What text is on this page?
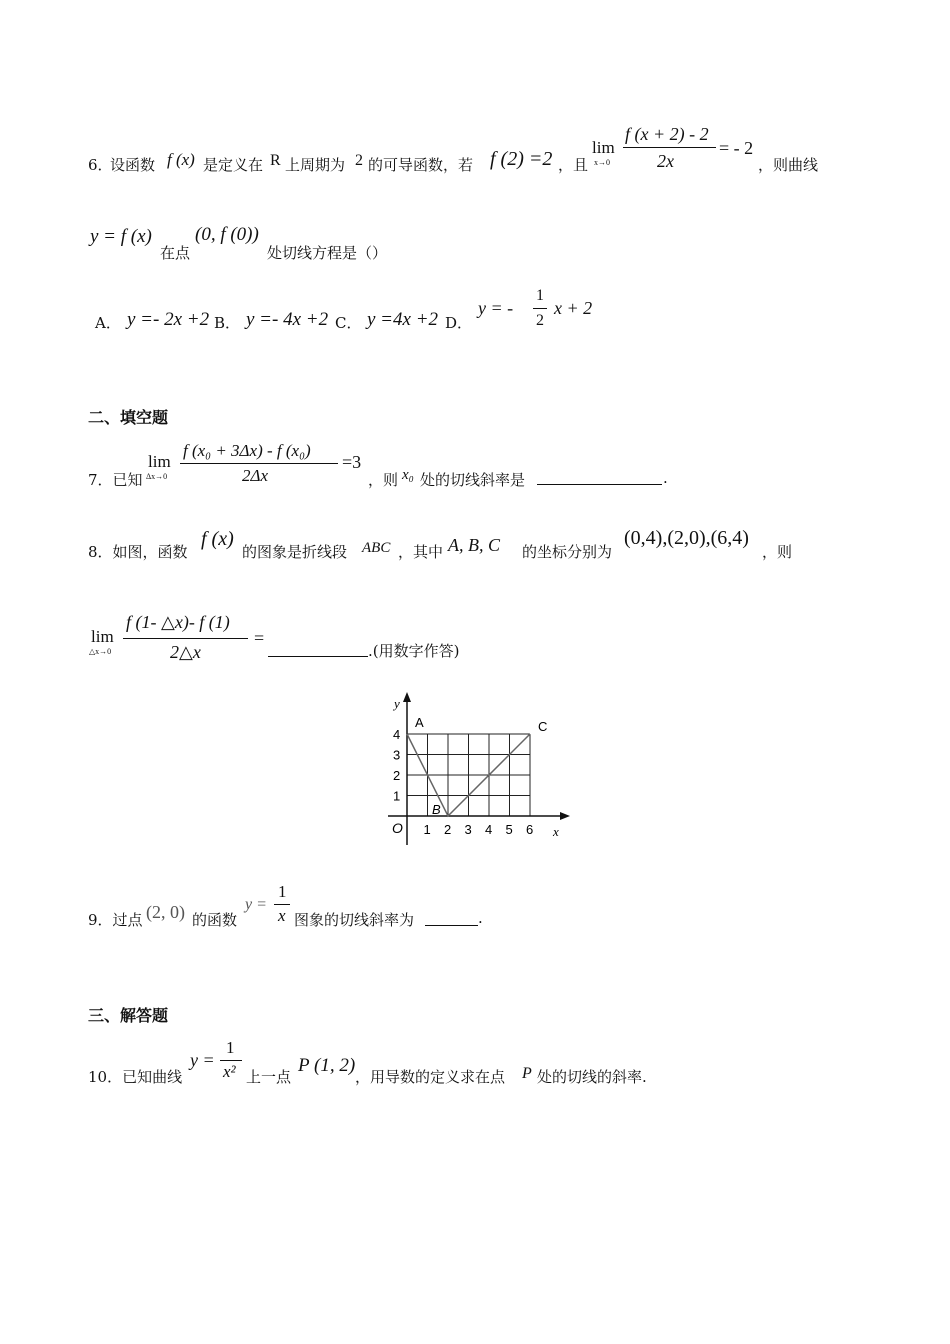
6．
设函数 f (x) 是定义在 R 上周期为 2 的可导函数，若 f (2) =2 ，且
lim
x→0
f (x + 2) - 2
2x
= - 2
，则曲线
y = f (x)
在点
(0, f (0))
处切线方程是（）
A． y =- 2x +2 B． y =- 4x +2 C． y =4x +2 D．
y = -
1
2
x + 2
二、填空题
7．已知
lim
Δx→0
f (x₀ + 3Δx) - f (x₀)
2Δx
=3
，则 x₀ 处的切线斜率是	.
8．如图，函数
f (x)
的图象是折线段 ABC ，其中 A, B, C 的坐标分别为
(0,4),(2,0),(6,4)
，则
lim
△x→0
f (1- △x)- f (1)
2△x
=
.(用数字作答)
1 2 3 4 5 6
1
2
3
4
y
x
O
A
B
C
9．过点 (2, 0) 的函数
y =
1
x 图象的切线斜率为	.
三、解答题
10．已知曲线
y =
1
x² 上一点
P (1, 2)
，用导数的定义求在点 P 处的切线的斜率.
